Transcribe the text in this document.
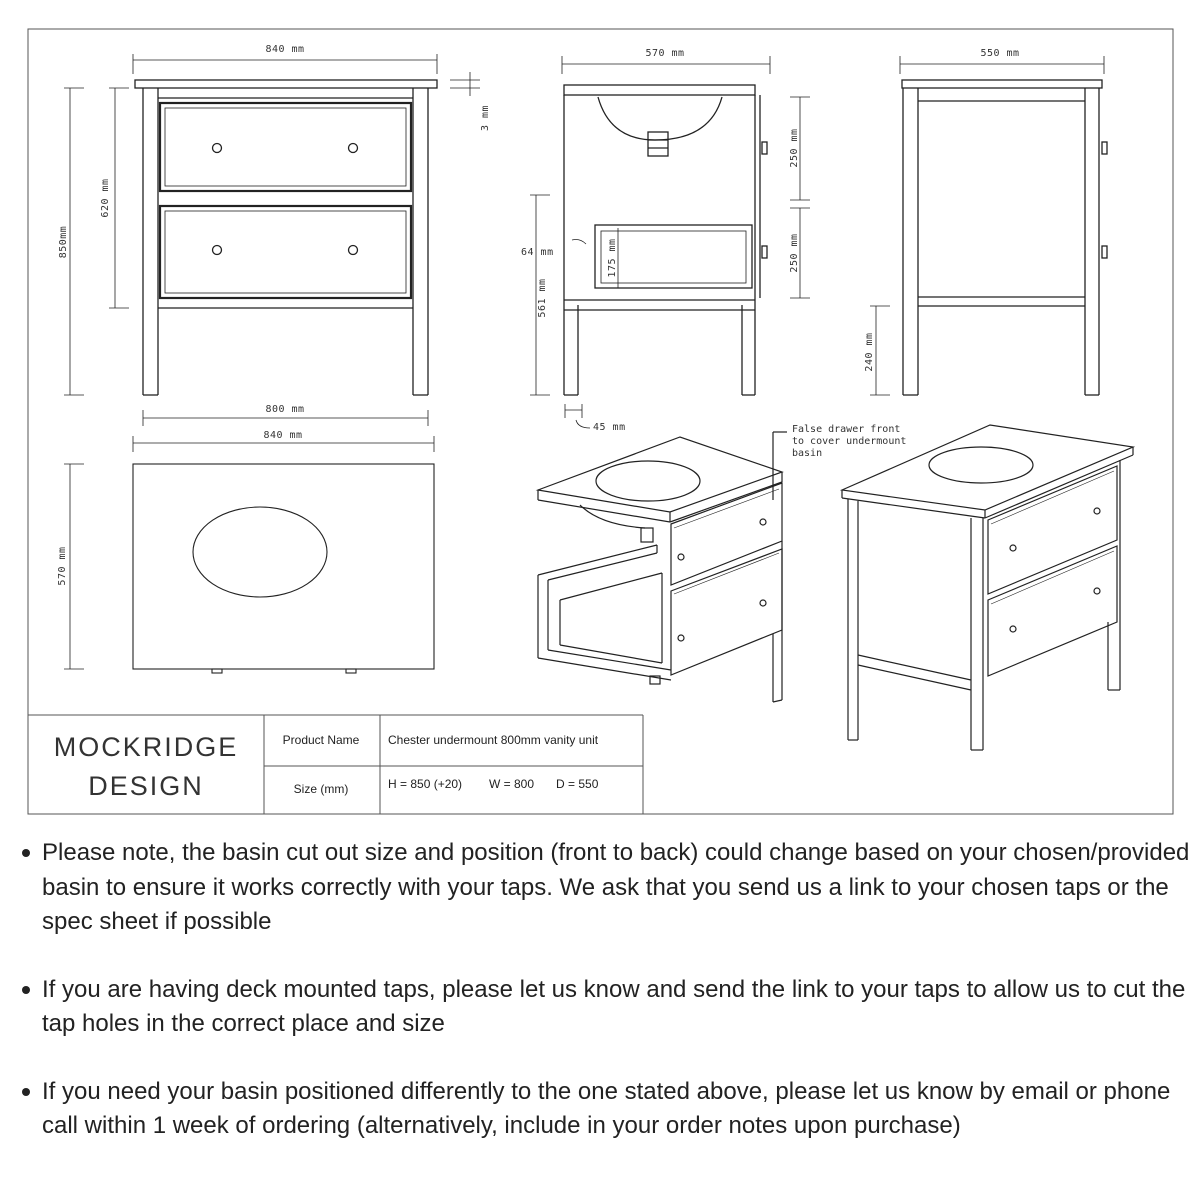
840 mm
850mm
620 mm
3 mm
800 mm
570 mm
250 mm
250 mm
64 mm	175 mm
561 mm
45 mm
550 mm
240 mm
840 mm
570 mm
False drawer front
to cover undermount
basin
MOCKRIDGE
DESIGN
Product Name Chester undermount 800mm vanity unit
Size (mm)	H = 850 (+20) W = 800 D = 550
Please note, the basin cut out size and position (front to back) could change based on your chosen/provided basin to ensure it works correctly with your taps. We ask that you send us a link to your chosen taps or the spec sheet if possible
If you are having deck mounted taps, please let us know and send the link to your taps to allow us to cut the tap holes in the correct place and size
If you need your basin positioned differently to the one stated above, please let us know by email or phone call within 1 week of ordering (alternatively, include in your order notes upon purchase)
